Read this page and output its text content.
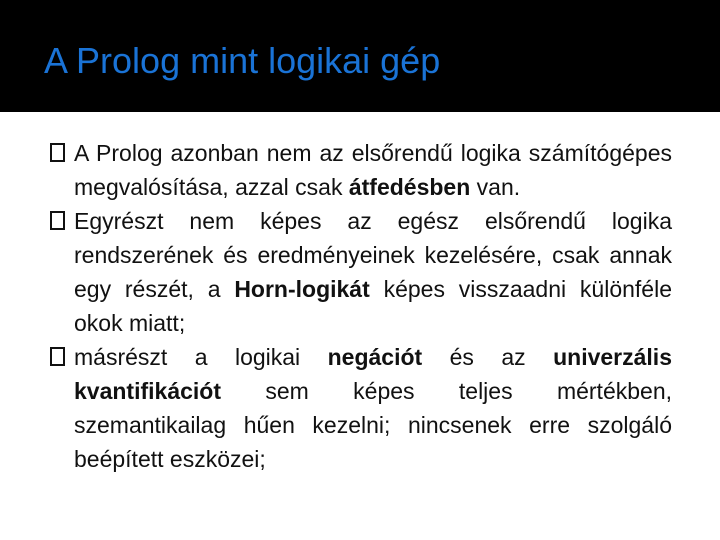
A Prolog mint logikai gép
A Prolog azonban nem az elsőrendű logika számítógépes megvalósítása, azzal csak átfedésben van.
Egyrészt nem képes az egész elsőrendű logika rendszerének és eredményeinek kezelésére, csak annak egy részét, a Horn-logikát képes visszaadni különféle okok miatt;
másrészt a logikai negációt és az univerzális kvantifikációt sem képes teljes mértékben, szemantikailag hűen kezelni; nincsenek erre szolgáló beépített eszközei;
